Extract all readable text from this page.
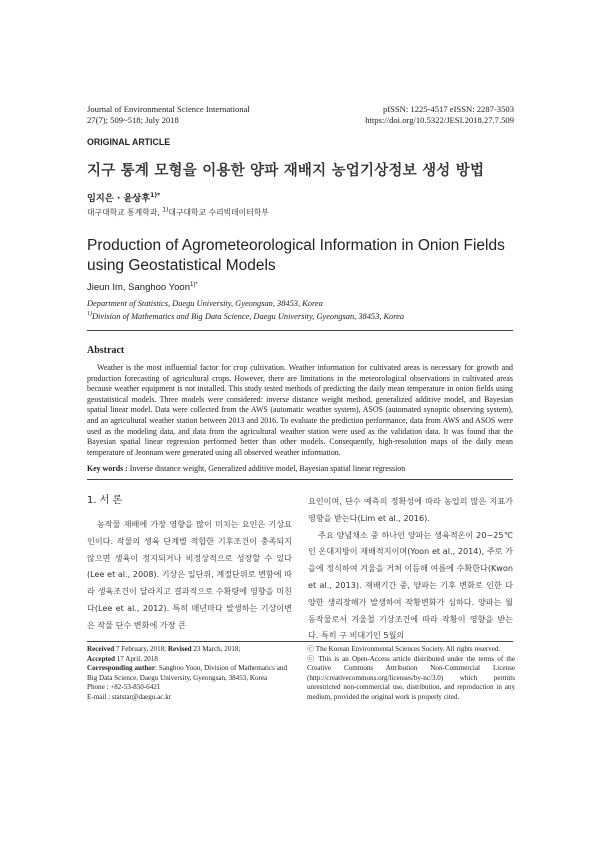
Journal of Environmental Science International
27(7); 509~518; July 2018
pISSN: 1225-4517 eISSN: 2287-3503
https://doi.org/10.5322/JESI.2018.27.7.509
ORIGINAL ARTICLE
지구 통계 모형을 이용한 양파 재배지 농업기상정보 생성 방법
임지은 · 윤상후$^{1)*}$
대구대학교 통계학과, $^{1)}$대구대학교 수리빅데이터학부
Production of Agrometeorological Information in Onion Fields using Geostatistical Models
Jieun Im, Sanghoo Yoon$^{1)*}$
Department of Statistics, Daegu University, Gyeongsan, 38453, Korea
$^{1)}$Division of Mathematics and Big Data Science, Daegu University, Gyeongsan, 38453, Korea
Abstract
Weather is the most influential factor for crop cultivation. Weather information for cultivated areas is necessary for growth and production forecasting of agricultural crops. However, there are limitations in the meteorological observations in cultivated areas because weather equipment is not installed. This study tested methods of predicting the daily mean temperature in onion fields using geostatistical models. Three models were considered: inverse distance weight method, generalized additive model, and Bayesian spatial linear model. Data were collected from the AWS (automatic weather system), ASOS (automated synoptic observing system), and an agricultural weather station between 2013 and 2016. To evaluate the prediction performance, data from AWS and ASOS were used as the modeling data, and data from the agricultural weather station were used as the validation data. It was found that the Bayesian spatial linear regression performed better than other models. Consequently, high-resolution maps of the daily mean temperature of Jeonnam were generated using all observed weather information.
Key words : Inverse distance weight, Generalized additive model, Bayesian spatial linear regression
1. 서 론

농작물 재배에 가장 영향을 많이 미치는 요인은 기상요인이다. 작물의 생육 단계별 적합한 기후조건이 충족되지 않으면 생육이 정지되거나 비정상적으로 성장할 수 있다(Lee et al., 2008). 기상은 일단위, 계절단위로 변함에 따라 생육조건이 달라지고 결과적으로 수확량에 영향을 미친다(Lee et al., 2012). 특히 매년마다 발생하는 기상이변은 작물 단수 변화에 가장 큰

요인이며, 단수 예측의 정확성에 따라 농업의 많은 지표가 영향을 받는다(Lim et al., 2016).

주요 양념채소 중 하나인 양파는 생육적온이 20∼25℃인 온대지방이 재배적지이며(Yoon et al., 2014), 주로 가을에 정식하여 겨울을 거쳐 이듬해 여름에 수확한다(Kwon et al., 2013). 재배기간 중, 양파는 기후 변화로 인한 다양한 생리장해가 발생하여 작황변화가 심하다. 양파는 월동작물로서 겨울철 기상조건에 따라 작황이 영향을 받는다. 특히 구 비대기인 5월의

Received 7 February, 2018; Revised 23 March, 2018;
Accepted 17 April, 2018
Corresponding author: Sanghoo Yoon, Division of Mathematics and Big Data Science, Daegu University, Gyeongsan, 38453, Korea
Phone : +82-53-850-6421
E-mail : statstar@daegu.ac.kr
ⓒ The Korean Environmental Sciences Society. All rights reserved.
ⓒ This is an Open-Access article distributed under the terms of the Creative Commons Attribution Non-Commercial License (http://creativecommons.org/licenses/by-nc/3.0) which permits unrestricted non-commercial use, distribution, and reproduction in any medium, provided the original work is properly cited.
